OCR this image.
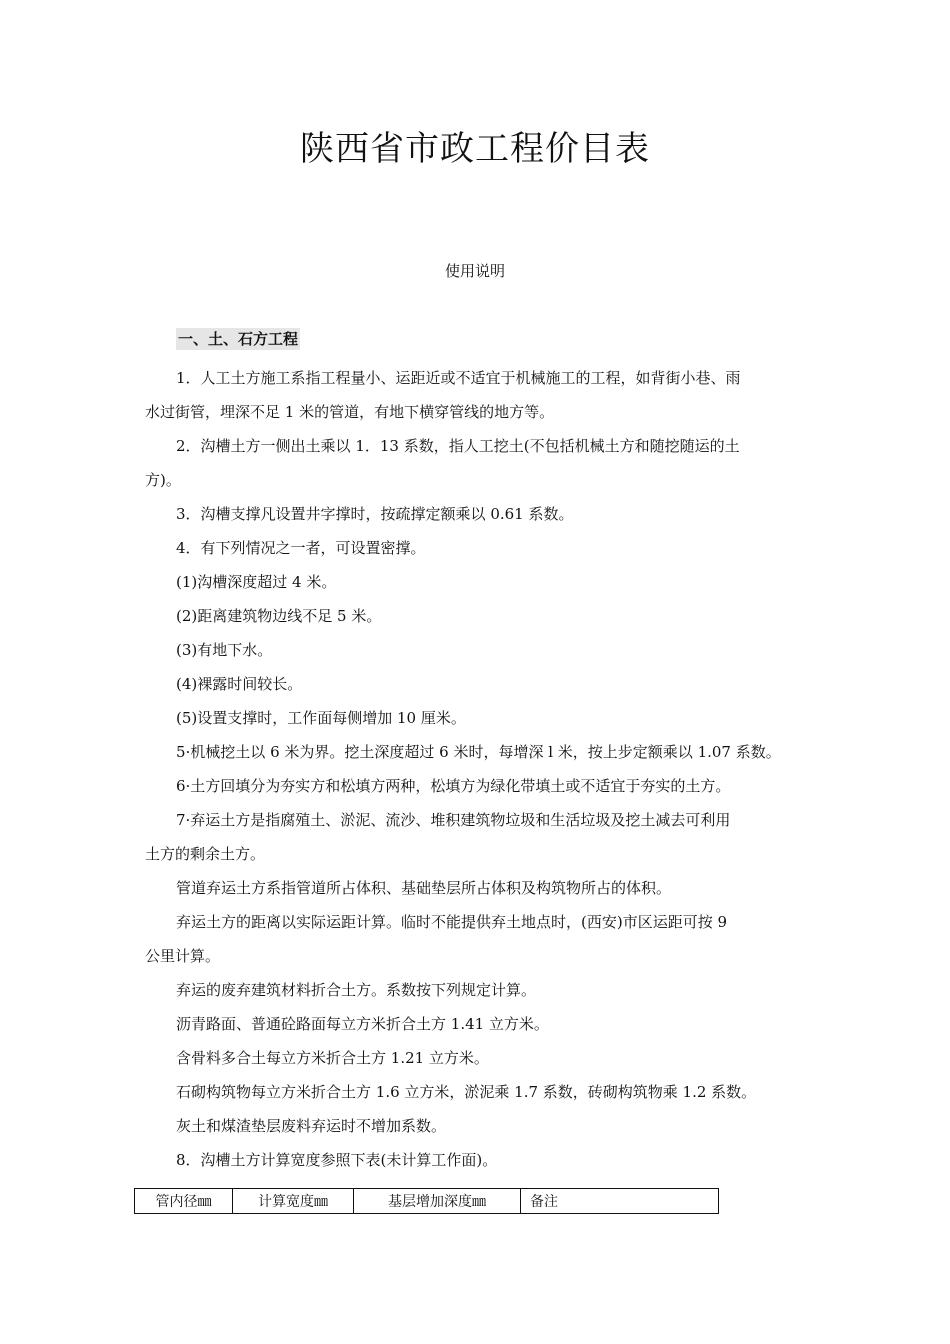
陕西省市政工程价目表
使用说明
一、土、石方工程
1．人工土方施工系指工程量小、运距近或不适宜于机械施工的工程，如背街小巷、雨
水过街管，埋深不足 1 米的管道，有地下横穿管线的地方等。
2．沟槽土方一侧出土乘以 1．13 系数，指人工挖土(不包括机械土方和随挖随运的土
方)。
3．沟槽支撑凡设置井字撑时，按疏撑定额乘以 0.61 系数。
4．有下列情况之一者，可设置密撑。
(1)沟槽深度超过 4 米。
(2)距离建筑物边线不足 5 米。
(3)有地下水。
(4)裸露时间较长。
(5)设置支撑时，工作面每侧增加 10 厘米。
5·机械挖土以 6 米为界。挖土深度超过 6 米时，每增深 l 米，按上步定额乘以 1.07 系数。
6·土方回填分为夯实方和松填方两种，松填方为绿化带填土或不适宜于夯实的土方。
7·弃运土方是指腐殖土、淤泥、流沙、堆积建筑物垃圾和生活垃圾及挖土减去可利用
土方的剩余土方。
管道弃运土方系指管道所占体积、基础垫层所占体积及构筑物所占的体积。
弃运土方的距离以实际运距计算。临时不能提供弃土地点时，(西安)市区运距可按 9
公里计算。
弃运的废弃建筑材料折合土方。系数按下列规定计算。
沥青路面、普通砼路面每立方米折合土方 1.41 立方米。
含骨料多合土每立方米折合土方 1.21 立方米。
石砌构筑物每立方米折合土方 1.6 立方米，淤泥乘 1.7 系数，砖砌构筑物乘 1.2 系数。
灰土和煤渣垫层废料弃运时不增加系数。
8．沟槽土方计算宽度参照下表(未计算工作面)。
管内径㎜	计算宽度㎜	基层增加深度㎜	备注
